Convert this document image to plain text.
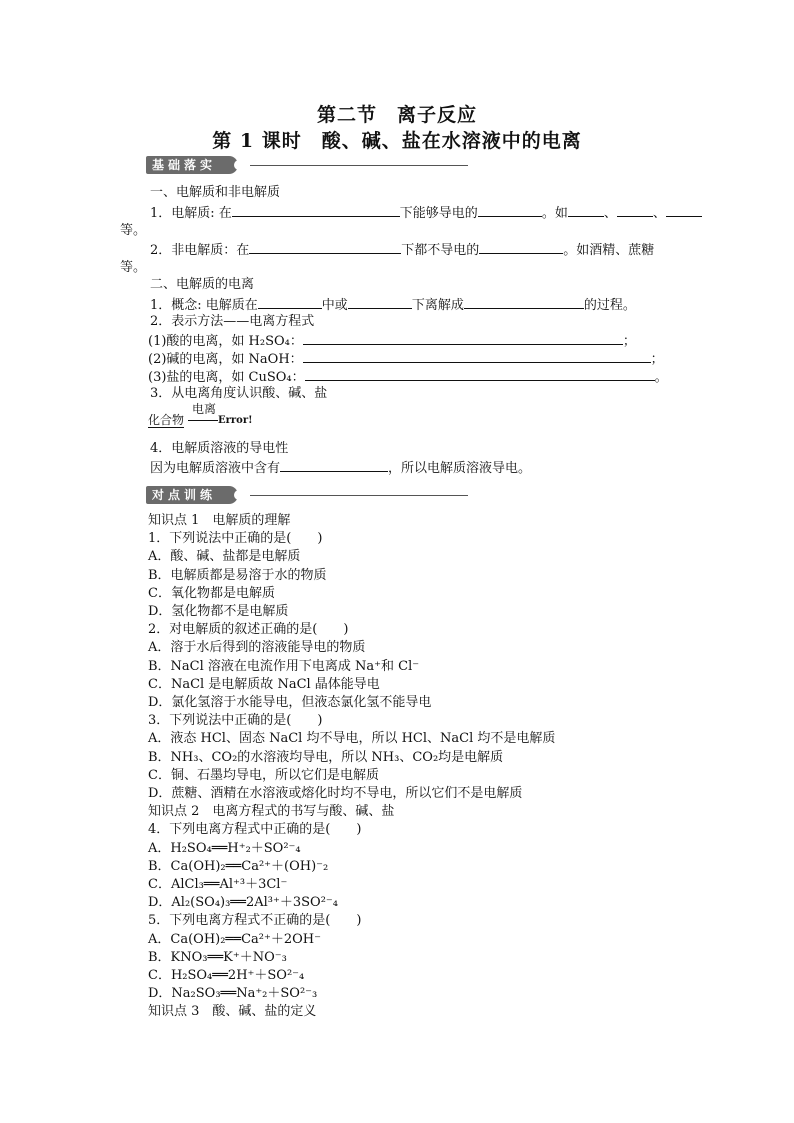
第二节　离子反应
第 1 课时　酸、碱、盐在水溶液中的电离
基础落实
一、电解质和非电解质
1．电解质: 在	下能够导电的	。如	、	、
等。
2．非电解质：在	下都不导电的	。如酒精、蔗糖
等。
二、电解质的电离
1．概念: 电解质在	中或	下离解成	的过程。
2．表示方法——电离方程式
(1)酸的电离，如 H₂SO₄：	；
(2)碱的电离，如 NaOH：	；
(3)盐的电离，如 CuSO₄：	。
3．从电离角度认识酸、碱、盐
电离
化合物	Error!
4．电解质溶液的导电性
因为电解质溶液中含有	，所以电解质溶液导电。
对点训练
知识点 1　电解质的理解
1．下列说法中正确的是(　　)
A．酸、碱、盐都是电解质
B．电解质都是易溶于水的物质
C．氧化物都是电解质
D．氢化物都不是电解质
2．对电解质的叙述正确的是(　　)
A．溶于水后得到的溶液能导电的物质
B．NaCl 溶液在电流作用下电离成 Na⁺和 Cl⁻
C．NaCl 是电解质故 NaCl 晶体能导电
D．氯化氢溶于水能导电，但液态氯化氢不能导电
3．下列说法中正确的是(　　)
A．液态 HCl、固态 NaCl 均不导电，所以 HCl、NaCl 均不是电解质
B．NH₃、CO₂的水溶液均导电，所以 NH₃、CO₂均是电解质
C．铜、石墨均导电，所以它们是电解质
D．蔗糖、酒精在水溶液或熔化时均不导电，所以它们不是电解质
知识点 2　电离方程式的书写与酸、碱、盐
4．下列电离方程式中正确的是(　　)
A．H₂SO₄══H⁺₂＋SO²⁻₄
B．Ca(OH)₂══Ca²⁺＋(OH)⁻₂
C．AlCl₃══Al⁺³＋3Cl⁻
D．Al₂(SO₄)₃══2Al³⁺＋3SO²⁻₄
5．下列电离方程式不正确的是(　　)
A．Ca(OH)₂══Ca²⁺＋2OH⁻
B．KNO₃══K⁺＋NO⁻₃
C．H₂SO₄══2H⁺＋SO²⁻₄
D．Na₂SO₃══Na⁺₂＋SO²⁻₃
知识点 3　酸、碱、盐的定义
